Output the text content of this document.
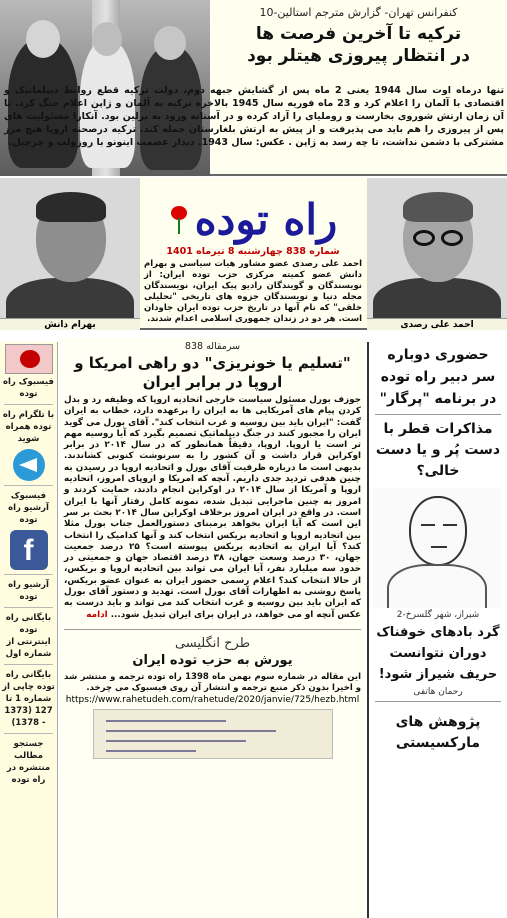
کنفرانس تهران- گزارش مترجم استالین-10
ترکیه تا آخرین فرصت ها
در انتظار پیروزی هیتلر بود

تنها درماه اوت سال 1944 یعنی 2 ماه پس از گشایش جبهه دوم، دولت ترکیه قطع روابط دیپلماتیک و اقتصادی با آلمان را اعلام کرد و 23 ماه فوریه سال 1945 بالاخره ترکیه به آلمان و ژاپن اعلام جنگ کرد. تا آن زمان ارتش شوروی بخارست و روملیای را آزاد کرده و در آستانه ورود به برلین بود. آنکارا مسئولیت های پس از پیروزی را هم باید می پذیرفت و از پیش به ارتش بلغارستان حمله کند. ترکیه درصحنه اروپا هیچ مرز مشترکی با دشمن نداشت، تا چه رسد به ژاپن . عکس: سال 1943. دیدار عصمت اینونو با روزولت و چرچیل.

بهرام دانش
راه توده
شماره 838 چهارشنبه 8 تیرماه 1401

احمد علی رصدی عضو مشاور هیات سیاسی و بهرام دانش عضو کمیته مرکزی حزب توده ایران: از نویسندگان و گویندگان رادیو پیک ایران، نویسندگان مجله دنیا و نویسندگان جزوه های تاریخی "تحلیلی خلقی" که نام آنها در تاریخ حزب توده ایران جاودان است. هر دو در زندان جمهوری اسلامی اعدام شدند.

احمد علی رصدی
حضوری دوباره سر دبیر راه توده در برنامه "پرگار"
مذاکرات قطر با دست پُر و یا دست خالی؟
شیراز، شهر گلسرخ-2
گرد بادهای خوفناک دوران نتوانست حریف شیراز شود!
رحمان هاتفی
پژوهش های مارکسیستی
فیسبوک راه توده
با تلگرام راه توده همراه شوید
فیسبوک آرشیو راه توده
f
آرشیو راه توده
بایگانی راه توده اینترنتی از شماره اول
بایگانی راه توده چاپی از شماره 1 تا 127 (1373 - 1378)
جستجو مطالب منتشره در راه توده
سرمقاله 838
"تسلیم یا خونریزی" دو راهی امریکا و اروپا در برابر ایران

جوزف بورل مسئول سیاست خارجی اتحادیه اروپا که وظیفه رد و بدل کردن پیام های آمریکایی ها به ایران را برعهده دارد، خطاب به ایران گفت: "ایران باید بین روسیه و غرب انتخاب کند". آقای بورل می گوید ایران را مجبور کنند در جنگ دیپلماتیک تصمیم بگیرد که آیا روسیه مهم تر است یا اروپا. اروپا، دقیقاً همانطور که در سال ۲۰۱۴ در برابر اوکراین قرار داشت و آن کشور را به سرنوشت کنونی کشاندند. بدیهی است ما درباره ظرفیت آقای بورل و اتحادیه اروپا در رسیدن به چنین هدفی تردید جدی داریم. آنچه که امریکا و اروپای امروز، اتحادیه اروپا و آمریکا از سال ۲۰۱۴ در اوکراین انجام دادند، حمایت کردند و امروز به چنین ماجرایی تبدیل شده، نمونه کامل رفتار آنها با ایران است. در واقع در ایران امروز برخلاف اوکراین سال ۲۰۱۴ بحث بر سر این است که آیا ایران بخواهد برمبنای دستورالعمل جناب بورل مثلا بین اتحادیه اروپا و اتحادیه بریکس انتخاب کند و آنها کدامیک را انتخاب کند؟ آیا ایران به اتحادیه بریکس پیوسته است؟ ۲۵ درصد جمعیت جهان، ۳۰ درصد وسعت جهان، ۳۸ درصد اقتصاد جهان و جمعیتی در حدود سه میلیارد نفر، آیا ایران می تواند بین اتحادیه اروپا و بریکس، از حالا انتخاب کند؟ اعلام رسمی حضور ایران به عنوان عضو بریکس، پاسخ روشنی به اظهارات آقای بورل است. تهدید و دستور آقای بورل که ایران باید بین روسیه و غرب انتخاب کند می تواند و باید درست به عکس آنچه او می خواهد، در ایران برای ایران تبدیل شود... ادامه

طرح انگلیسی
یورش به حزب توده ایران

این مقاله در شماره سوم بهمن ماه 1398 راه توده ترجمه و منتشر شد و اخیرا بدون ذکر منبع ترجمه و انتشار آن روی فیسبوک می چرخد.

https://www.rahetudeh.com/rahetude/2020/janvie/725/hezb.html
